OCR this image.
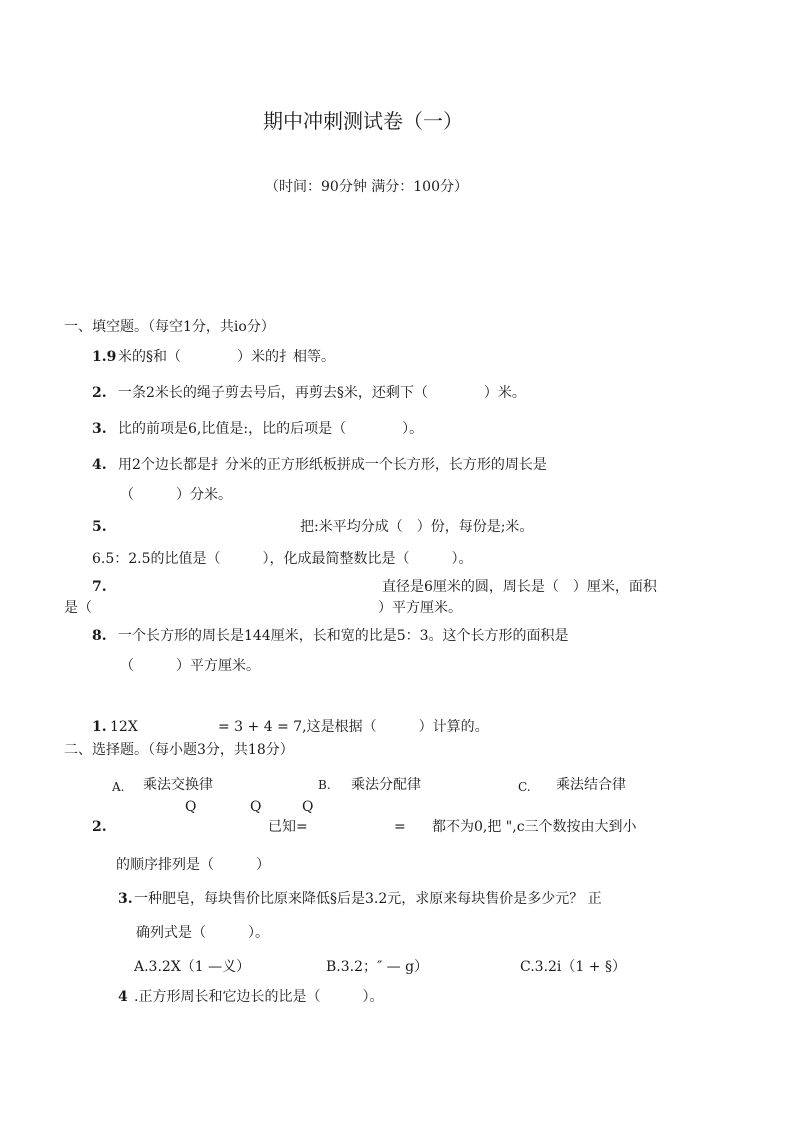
期中冲刺测试卷（一）
（时间：90分钟 满分：100分）
一、填空题。（每空1分，共io分）
1.9 米的§和（　　　　）米的扌相等。
2. 一条2米长的绳子剪去号后，再剪去§米，还剩下（　　　　）米。
3. 比的前项是6,比值是:，比的后项是（　　　　）。
4. 用2个边长都是扌分米的正方形纸板拼成一个长方形，长方形的周长是
（　　　）分米。
5.	把:米平均分成（　）份，每份是;米。
6.5：2.5的比值是（　　　），化成最简整数比是（　　　）。
7.	直径是6厘米的圆，周长是（　）厘米，面积
是（	）平方厘米。
8. 一个长方形的周长是144厘米，长和宽的比是5：3。这个长方形的面积是
（　　　）平方厘米。
1. 12X	= 3 + 4 = 7,这是根据（　　　）计算的。
二、选择题。（每小题3分，共18分）
A. 乘法交换律	B. 乘法分配律	C. 乘法结合律
Q	Q	Q
2.	已知=	= 都不为0,把 ",c三个数按由大到小
的顺序排列是（　　　）
3. 一种肥皂，每块售价比原来降低§后是3.2元，求原来每块售价是多少元？ 正
确列式是（　　　）。
A.3.2X（1 —义）	B.3.2；″ — g）	C.3.2i（1 + §）
4 .正方形周长和它边长的比是（　　　）。
